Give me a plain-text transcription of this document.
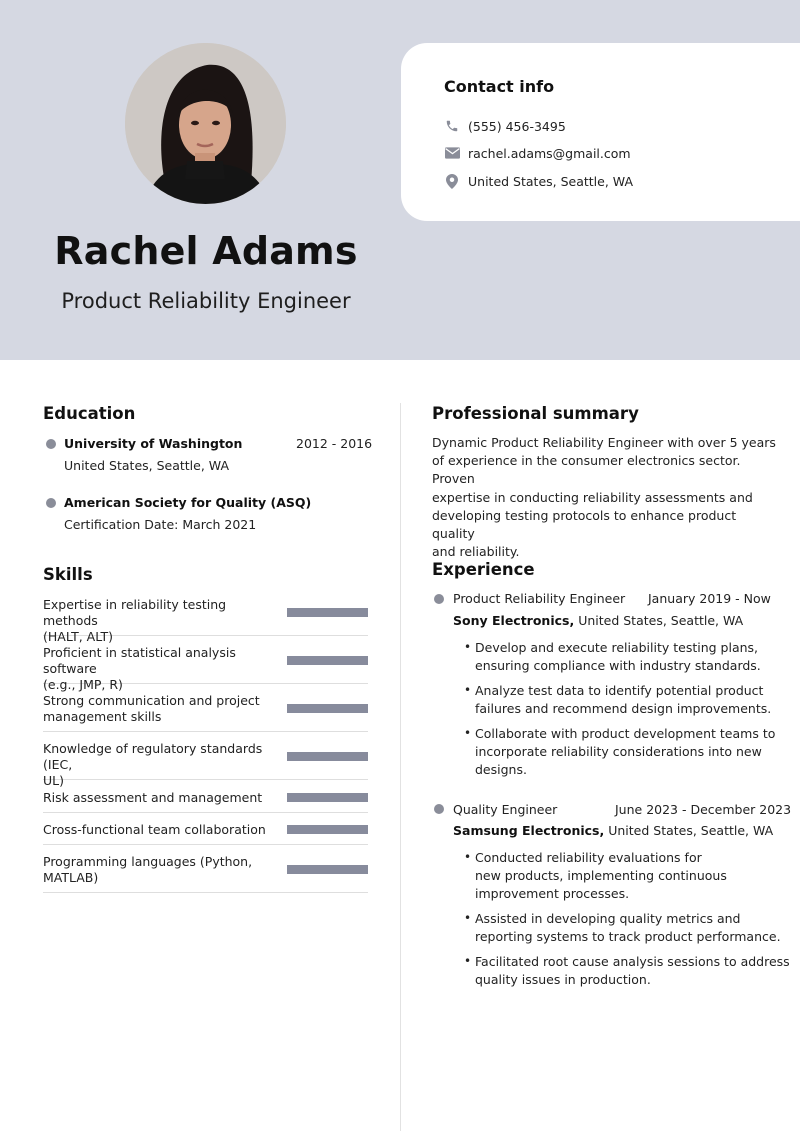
Rachel Adams
Product Reliability Engineer
Contact info
(555) 456-3495
rachel.adams@gmail.com
United States, Seattle, WA
Education
University of Washington	2012 - 2016
United States, Seattle, WA
American Society for Quality (ASQ)
Certification Date: March 2021
Skills
Expertise in reliability testing methods
(HALT, ALT)
Proficient in statistical analysis software
(e.g., JMP, R)
Strong communication and project
management skills
Knowledge of regulatory standards (IEC,
UL)
Risk assessment and management
Cross-functional team collaboration
Programming languages (Python,
MATLAB)
Professional summary
Dynamic Product Reliability Engineer with over 5 years
of experience in the consumer electronics sector. Proven
expertise in conducting reliability assessments and
developing testing protocols to enhance product quality
and reliability.
Experience
Product Reliability Engineer January 2019 - Now
Sony Electronics, United States, Seattle, WA
• Develop and execute reliability testing plans,
ensuring compliance with industry standards.
• Analyze test data to identify potential product
failures and recommend design improvements.
• Collaborate with product development teams to
incorporate reliability considerations into new
designs.
Quality Engineer	June 2023 - December 2023
Samsung Electronics, United States, Seattle, WA
• Conducted reliability evaluations for
new products, implementing continuous
improvement processes.
• Assisted in developing quality metrics and
reporting systems to track product performance.
• Facilitated root cause analysis sessions to address
quality issues in production.
